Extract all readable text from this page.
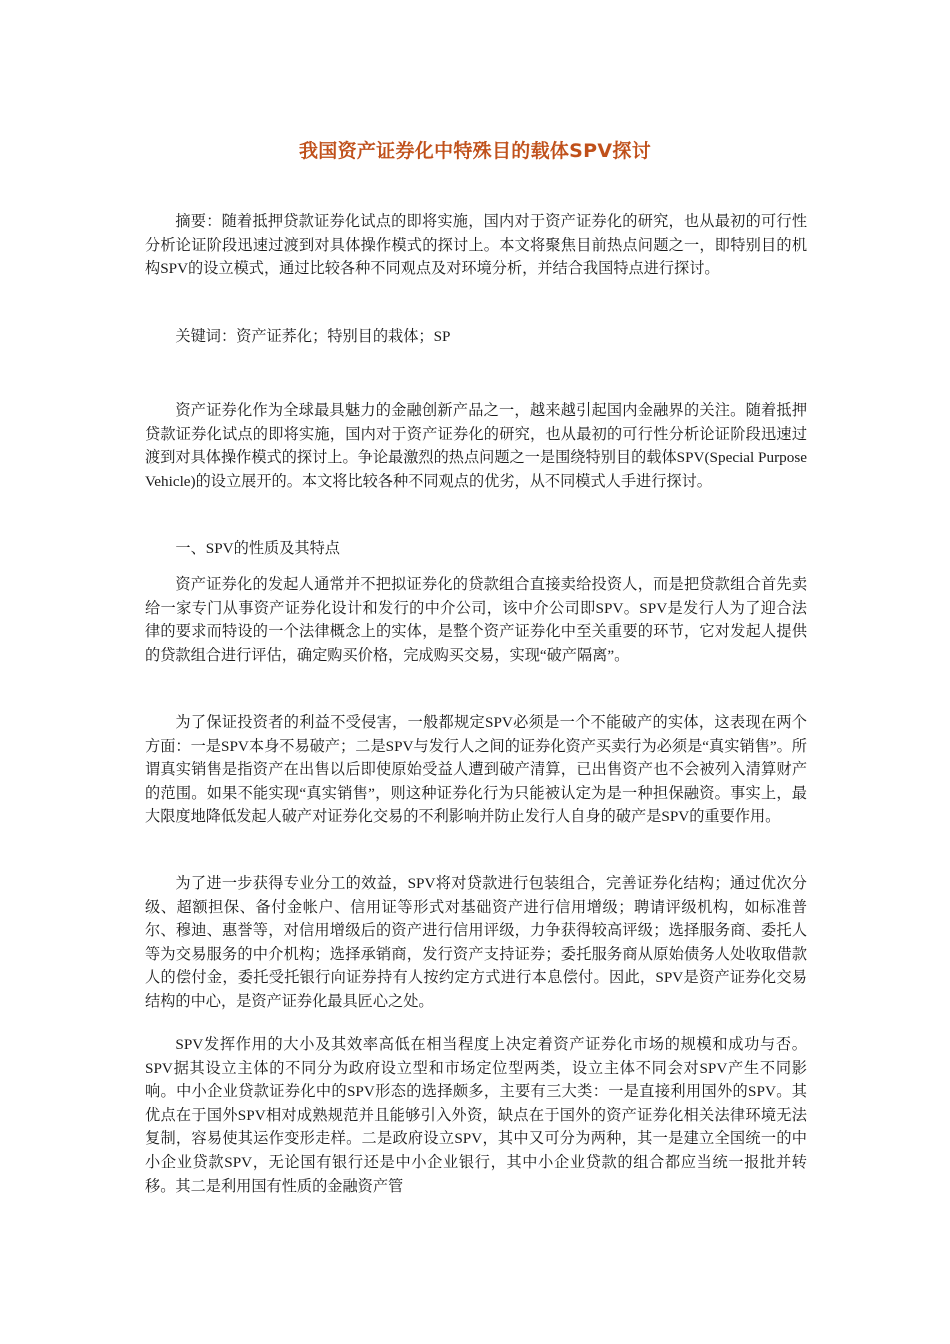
我国资产证券化中特殊目的载体SPV探讨

摘要：随着抵押贷款证券化试点的即将实施，国内对于资产证券化的研究，也从最初的可行性分析论证阶段迅速过渡到对具体操作模式的探讨上。本文将聚焦目前热点问题之一，即特别目的机构SPV的设立模式，通过比较各种不同观点及对环境分析，并结合我国特点进行探讨。

关键词：资产证荞化；特别目的栽体；SP

资产证券化作为全球最具魅力的金融创新产品之一，越来越引起国内金融界的关注。随着抵押贷款证券化试点的即将实施，国内对于资产证券化的研究，也从最初的可行性分析论证阶段迅速过渡到对具体操作模式的探讨上。争论最激烈的热点问题之一是围绕特别目的载体SPV(Special Purpose Vehicle)的设立展开的。本文将比较各种不同观点的优劣，从不同模式人手进行探讨。

一、SPV的性质及其特点

资产证券化的发起人通常并不把拟证券化的贷款组合直接卖给投资人，而是把贷款组合首先卖给一家专门从事资产证券化设计和发行的中介公司，该中介公司即SPV。SPV是发行人为了迎合法律的要求而特设的一个法律概念上的实体，是整个资产证券化中至关重要的环节，它对发起人提供的贷款组合进行评估，确定购买价格，完成购买交易，实现“破产隔离”。

为了保证投资者的利益不受侵害，一般都规定SPV必须是一个不能破产的实体，这表现在两个方面：一是SPV本身不易破产；二是SPV与发行人之间的证券化资产买卖行为必须是“真实销售”。所谓真实销售是指资产在出售以后即使原始受益人遭到破产清算，已出售资产也不会被列入清算财产的范围。如果不能实现“真实销售”，则这种证券化行为只能被认定为是一种担保融资。事实上，最大限度地降低发起人破产对证券化交易的不利影响并防止发行人自身的破产是SPV的重要作用。

为了进一步获得专业分工的效益，SPV将对贷款进行包装组合，完善证券化结构；通过优次分级、超额担保、备付金帐户、信用证等形式对基础资产进行信用增级；聘请评级机构，如标准普尔、穆迪、惠誉等，对信用增级后的资产进行信用评级，力争获得较高评级；选择服务商、委托人等为交易服务的中介机构；选择承销商，发行资产支持证券；委托服务商从原始债务人处收取借款人的偿付金，委托受托银行向证券持有人按约定方式进行本息偿付。因此，SPV是资产证券化交易结构的中心，是资产证券化最具匠心之处。

SPV发挥作用的大小及其效率高低在相当程度上决定着资产证券化市场的规模和成功与否。SPV据其设立主体的不同分为政府设立型和市场定位型两类，设立主体不同会对SPV产生不同影响。中小企业贷款证券化中的SPV形态的选择颇多，主要有三大类：一是直接利用国外的SPV。其优点在于国外SPV相对成熟规范并且能够引入外资，缺点在于国外的资产证券化相关法律环境无法复制，容易使其运作变形走样。二是政府设立SPV，其中又可分为两种，其一是建立全国统一的中小企业贷款SPV，无论国有银行还是中小企业银行，其中小企业贷款的组合都应当统一报批并转移。其二是利用国有性质的金融资产管
